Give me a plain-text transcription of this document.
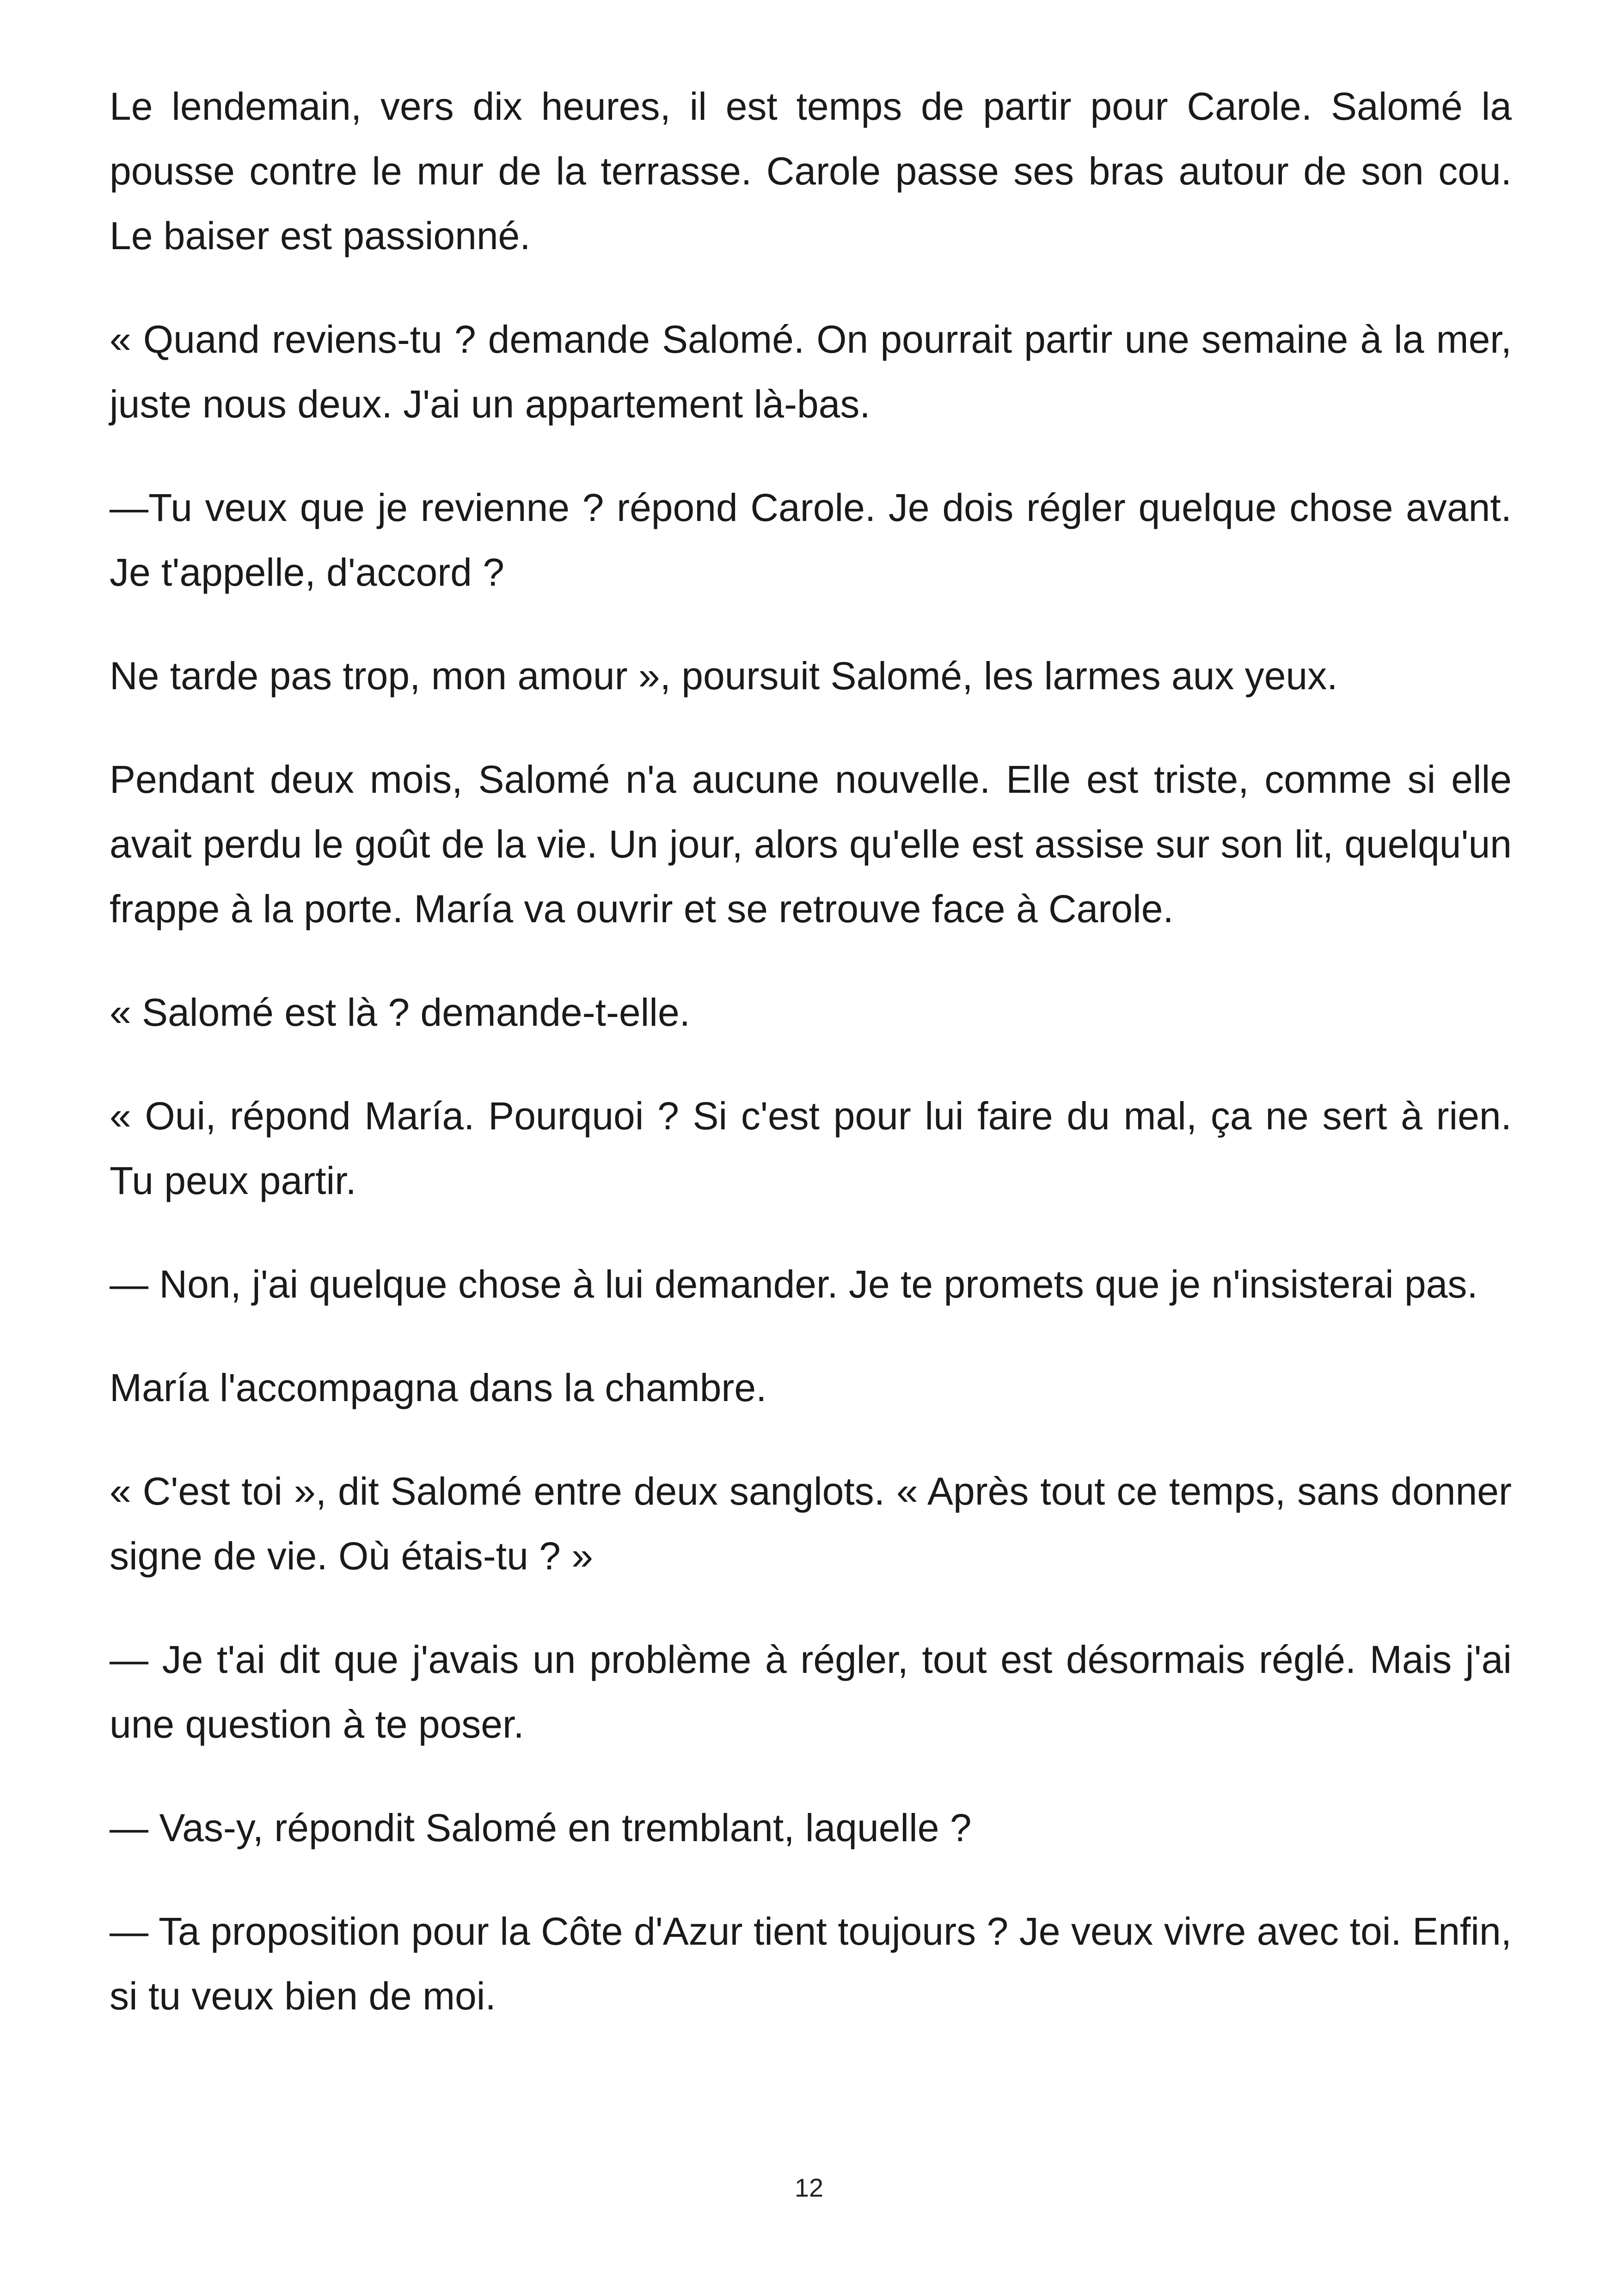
Le lendemain, vers dix heures, il est temps de partir pour Carole. Salomé la pousse contre le mur de la terrasse. Carole passe ses bras autour de son cou. Le baiser est passionné.

« Quand reviens-tu ? demande Salomé. On pourrait partir une semaine à la mer, juste nous deux. J'ai un appartement là-bas.

—Tu veux que je revienne ? répond Carole. Je dois régler quelque chose avant. Je t'appelle, d'accord ?

Ne tarde pas trop, mon amour », poursuit Salomé, les larmes aux yeux.

Pendant deux mois, Salomé n'a aucune nouvelle. Elle est triste, comme si elle avait perdu le goût de la vie. Un jour, alors qu'elle est assise sur son lit, quelqu'un frappe à la porte. María va ouvrir et se retrouve face à Carole.

« Salomé est là ? demande-t-elle.

« Oui, répond María. Pourquoi ? Si c'est pour lui faire du mal, ça ne sert à rien. Tu peux partir.

— Non, j'ai quelque chose à lui demander. Je te promets que je n'insisterai pas.

María l'accompagna dans la chambre.

« C'est toi », dit Salomé entre deux sanglots. « Après tout ce temps, sans donner signe de vie. Où étais-tu ? »

— Je t'ai dit que j'avais un problème à régler, tout est désormais réglé. Mais j'ai une question à te poser.

— Vas-y, répondit Salomé en tremblant, laquelle ?

— Ta proposition pour la Côte d'Azur tient toujours ? Je veux vivre avec toi. Enfin, si tu veux bien de moi.

12
